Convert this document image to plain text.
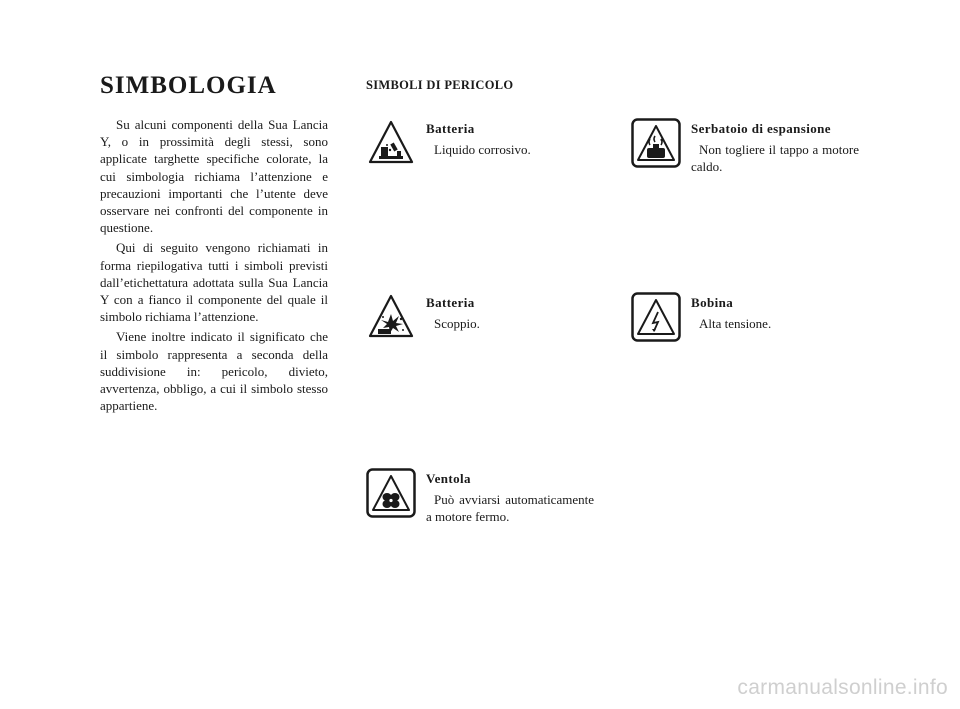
SIMBOLOGIA

Su alcuni componenti della Sua Lancia Y, o in prossimità degli stessi, sono applicate targhette specifiche colorate, la cui simbologia richiama l’attenzione e precauzioni importanti che l’utente deve osservare nei confronti del componente in questione.

Qui di seguito vengono richiamati in forma riepilogativa tutti i simboli previsti dall’etichettatura adottata sulla Sua Lancia Y con a fianco il componente del quale il simbolo richiama l’attenzione.

Viene inoltre indicato il significato che il simbolo rappresenta a seconda della suddivisione in: pericolo, divieto, avvertenza, obbligo, a cui il simbolo stesso appartiene.

SIMBOLI DI PERICOLO
Batteria
Liquido corrosivo.
Batteria
Scoppio.
Ventola
Può avviarsi automaticamente a motore fermo.
Serbatoio di espansione
Non togliere il tappo a motore caldo.
Bobina
Alta tensione.
carmanualsonline.info
